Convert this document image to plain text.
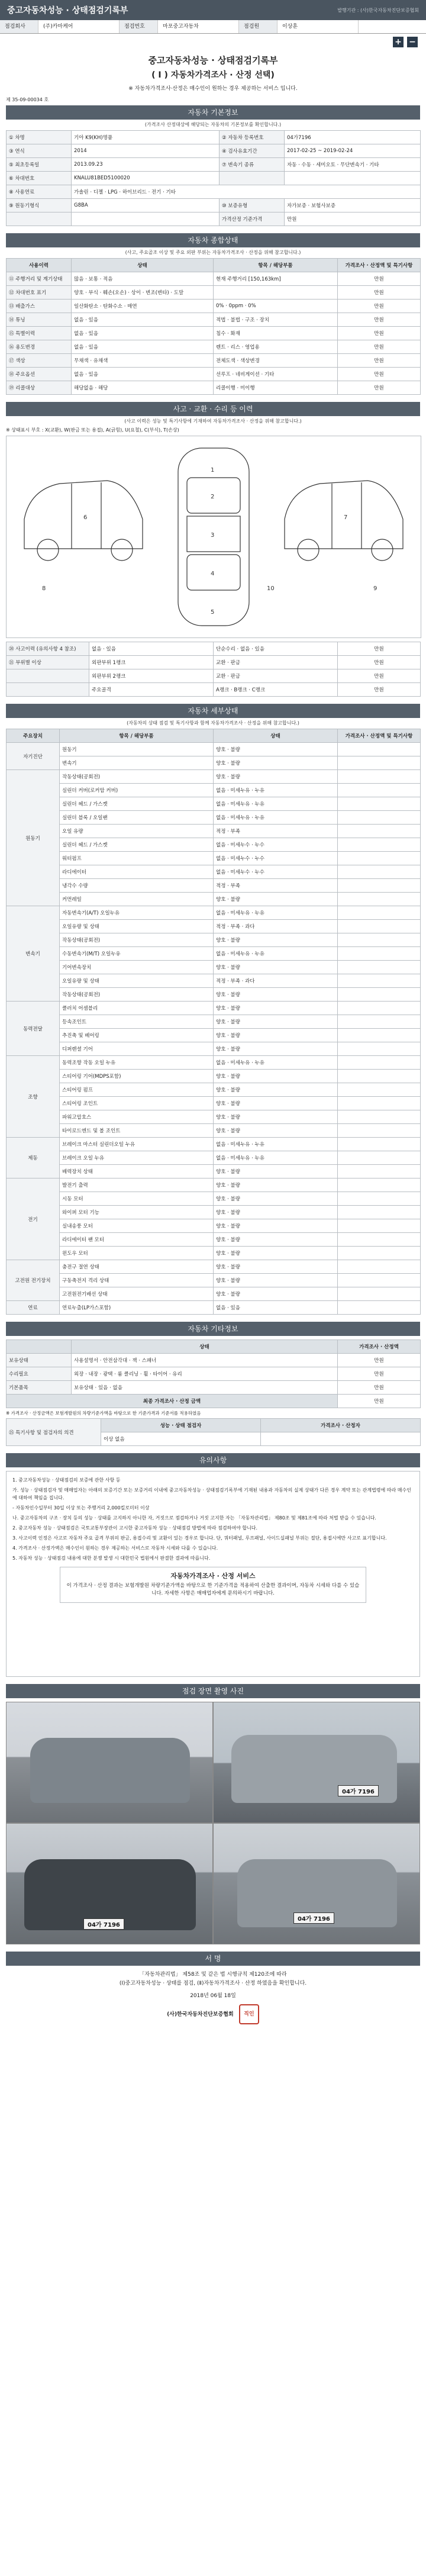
중고자동차성능 · 상태점검기록부	발행기관 : (사)한국자동차진단보증협회
점검회사	(주)카마케어	점검번호	마포중고자동차	점검원	이상훈
+ −
중고자동차성능 · 상태점검기록부
( Ⅰ ) 자동차가격조사 · 산정 선택)
※ 자동차가격조사·산정은 매수인이 원하는 경우 제공하는 서비스 입니다.
제 35-09-00034 호
자동차 기본정보
(가격조사 산정대상에 해당되는 자동차의 기본정보를 확인합니다.)
① 차명	기아 K9(KH)명품	② 자동차 등록번호	04가7196
③ 연식	2014	④ 검사유효기간	2017-02-25 ~ 2019-02-24
⑤ 최초등록일	2013.09.23	⑦ 변속기 종류	자동 · 수동 · 세미오토 · 무단변속기 · 기타
⑥ 차대번호	KNALU81BED5100020		
⑧ 사용연료	가솔린 · 디젤 · LPG · 하이브리드 · 전기 · 기타		
⑨ 원동기형식	G8BA	⑩ 보증유형	자가보증 · 보험사보증
		가격산정 기준가격	만원
자동차 종합상태
(사고, 주요골조 이상 및 주요 외판 부위는 자동차가격조사 · 산정을 위해 참고합니다.)
사용이력	상태	항목 / 해당부품	가격조사 · 산정액 및 특기사항
⑪ 주행거리 및 계기상태	많음 · 보통 · 적음	현재 주행거리 [150,163km]	만원
⑫ 차대번호 표기	양호 · 부식 · 훼손(오손) · 상이 · 변조(변타) · 도말		만원
⑬ 배출가스	일산화탄소 · 탄화수소 · 매연	0% · 0ppm · 0%	만원
⑭ 튜닝	없음 · 있음	적법 · 불법 · 구조 · 장치	만원
⑮ 특별이력	없음 · 있음	침수 · 화재	만원
⑯ 용도변경	없음 · 있음	렌트 · 리스 · 영업용	만원
⑰ 색상	무채색 · 유채색	전체도색 · 색상변경	만원
⑱ 주요옵션	없음 · 있음	선루프 · 네비게이션 · 기타	만원
⑲ 리콜대상	해당없음 · 해당	리콜이행 · 미이행	만원
사고 · 교환 · 수리 등 이력
(사고 이력은 성능 및 특기사항에 기재하여 자동차가격조사 · 산정을 위해 참고합니다.)
※ 상태표시 부호 : X(교환), W(판금 또는 용접), A(긁힘), U(요철), C(부식), T(손상)
1
2
3
4
5
6	7
8	9
10
⑳ 사고이력 (유의사항 4 참조)	없음 · 있음	단순수리 · 없음 · 있음	만원
㉑ 부위별 이상	외판부위 1랭크	교환 · 판금	만원
	외판부위 2랭크	교환 · 판금	만원
	주요골격	A랭크 · B랭크 · C랭크	만원
자동차 세부상태
(자동차의 상태 점검 및 특기사항과 함께 자동차가격조사 · 산정을 위해 참고합니다.)
주요장치	항목 / 해당부품	상태	가격조사 · 산정액 및 특기사항
자기진단	원동기	양호 · 불량	
	변속기	양호 · 불량	
원동기	작동상태(공회전)	양호 · 불량	
	실린더 커버(로커암 커버)	없음 · 미세누유 · 누유	
	실린더 헤드 / 가스켓	없음 · 미세누유 · 누유	
	실린더 블록 / 오일팬	없음 · 미세누유 · 누유	
	오일 유량	적정 · 부족	
	실린더 헤드 / 가스켓	없음 · 미세누수 · 누수	
	워터펌프	없음 · 미세누수 · 누수	
	라디에이터	없음 · 미세누수 · 누수	
	냉각수 수량	적정 · 부족	
	커먼레일	양호 · 불량	
변속기	자동변속기(A/T) 오일누유	없음 · 미세누유 · 누유	
	오일유량 및 상태	적정 · 부족 · 과다	
	작동상태(공회전)	양호 · 불량	
	수동변속기(M/T) 오일누유	없음 · 미세누유 · 누유	
	기어변속장치	양호 · 불량	
	오일유량 및 상태	적정 · 부족 · 과다	
	작동상태(공회전)	양호 · 불량	
동력전달	클러치 어셈블리	양호 · 불량	
	등속조인트	양호 · 불량	
	추진축 및 베어링	양호 · 불량	
	디퍼렌셜 기어	양호 · 불량	
조향	동력조향 작동 오일 누유	없음 · 미세누유 · 누유	
	스티어링 기어(MDPS포함)	양호 · 불량	
	스티어링 펌프	양호 · 불량	
	스티어링 조인트	양호 · 불량	
	파워고압호스	양호 · 불량	
	타이로드엔드 및 볼 조인트	양호 · 불량	
제동	브레이크 마스터 실린더오일 누유	없음 · 미세누유 · 누유	
	브레이크 오일 누유	없음 · 미세누유 · 누유	
	배력장치 상태	양호 · 불량	
전기	발전기 출력	양호 · 불량	
	시동 모터	양호 · 불량	
	와이퍼 모터 기능	양호 · 불량	
	실내송풍 모터	양호 · 불량	
	라디에이터 팬 모터	양호 · 불량	
	윈도우 모터	양호 · 불량	
고전원 전기장치	충전구 절연 상태	양호 · 불량	
	구동축전지 격리 상태	양호 · 불량	
	고전원전기배선 상태	양호 · 불량	
연료	연료누출(LP가스포함)	없음 · 있음	
자동차 기타정보
	상태	가격조사 · 산정액
보유상태	사용설명서 · 안전삼각대 · 잭 · 스패너	만원
수리필요	외장 · 내장 · 광택 · 룸 클리닝 · 휠 · 타이어 · 유리	만원
기본품목	보유상태 · 있음 · 없음	만원
최종 가격조사 · 산정 금액		만원
※ 가격조사 · 산정금액은 보험개발원의 차량기준가액을 바탕으로 한 기준가격과 기준서를 적용하였음
㉕ 특기사항 및 점검자의 의견	성능 · 상태 점검자	가격조사 · 산정자
	이상 없음	
유의사항

1. 중고자동차성능 · 상태점검의 보증에 관한 사항 등

가. 성능 · 상태점검자 및 매매업자는 아래의 보증기간 또는 보증거리 이내에 중고자동차성능 · 상태점검기록부에 기재된 내용과 자동차의 실제 상태가 다른 경우 계약 또는 관계법령에 따라 매수인에 대하여 책임을 집니다.

- 자동차인수일부터 30일 이상 또는 주행거리 2,000킬로미터 이상

나. 중고자동차의 구조 · 장치 등의 성능 · 상태를 고지하지 아니한 자, 거짓으로 점검하거나 거짓 고지한 자는 「자동차관리법」 제80조 및 제81조에 따라 처벌 받을 수 있습니다.

2. 중고자동차 성능 · 상태점검은 국토교통부장관이 고시한 중고자동차 성능 · 상태점검 방법에 따라 점검하여야 합니다.

3. 사고이력 인정은 사고로 자동차 주요 골격 부위의 판금, 용접수리 및 교환이 있는 경우로 합니다. 단, 쿼터패널, 루프패널, 사이드실패널 부위는 절단, 용접시에만 사고로 표기합니다.

4. 가격조사 · 산정가액은 매수인이 원하는 경우 제공하는 서비스로 자동차 시세와 다를 수 있습니다.

5. 자동차 성능 · 상태점검 내용에 대한 분쟁 발생 시 대한민국 법원에서 판결한 결과에 따릅니다.

자동차가격조사 · 산정 서비스
이 가격조사 · 산정 결과는 보험개발원 차량기준가액을 바탕으로 한 기준가격을 적용하여 산출한 결과이며, 자동차 시세와 다를 수 있습니다. 자세한 사항은 매매업자에게 문의하시기 바랍니다.
점검 장면 촬영 사진
04가 7196
04가 7196
04가 7196
서 명
「자동차관리법」 제58조 및 같은 법 시행규칙 제120조에 따라
(Ⅰ)중고자동차성능 · 상태를 점검, (Ⅱ)자동차가격조사 · 산정 하였음을 확인합니다.
2018년 06월 18일
(사)한국자동차진단보증협회 직인
